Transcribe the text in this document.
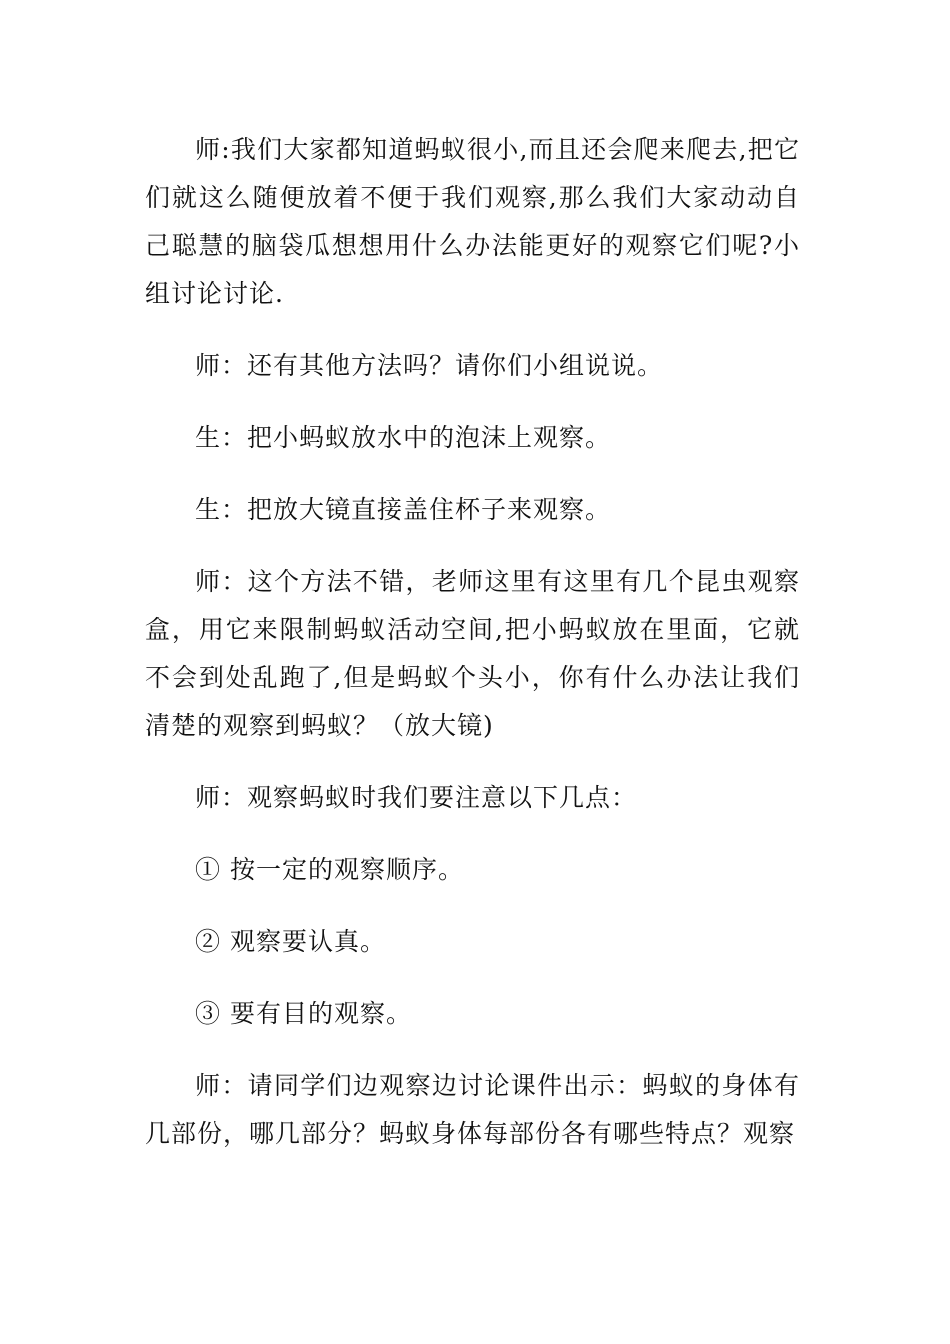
师:我们大家都知道蚂蚁很小,而且还会爬来爬去,把它们就这么随便放着不便于我们观察,那么我们大家动动自己聪慧的脑袋瓜想想用什么办法能更好的观察它们呢?小组讨论讨论.

师：还有其他方法吗？请你们小组说说。

生：把小蚂蚁放水中的泡沫上观察。

生：把放大镜直接盖住杯子来观察。

师：这个方法不错，老师这里有这里有几个昆虫观察盒，用它来限制蚂蚁活动空间,把小蚂蚁放在里面，它就不会到处乱跑了,但是蚂蚁个头小，你有什么办法让我们清楚的观察到蚂蚁？（放大镜)

师：观察蚂蚁时我们要注意以下几点：

① 按一定的观察顺序。

② 观察要认真。

③ 要有目的观察。

师：请同学们边观察边讨论课件出示：蚂蚁的身体有几部份，哪几部分？蚂蚁身体每部份各有哪些特点？观察
